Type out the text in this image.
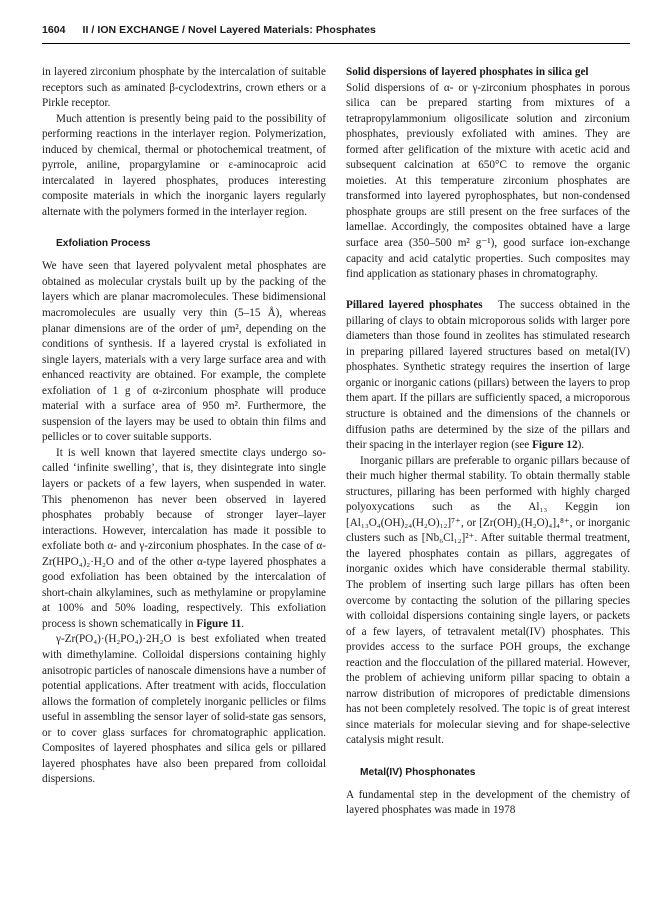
1604 II / ION EXCHANGE / Novel Layered Materials: Phosphates

in layered zirconium phosphate by the intercalation of suitable receptors such as aminated β-cyclodextrins, crown ethers or a Pirkle receptor.

Much attention is presently being paid to the possibility of performing reactions in the interlayer region. Polymerization, induced by chemical, thermal or photochemical treatment, of pyrrole, aniline, propargylamine or ε-aminocaproic acid intercalated in layered phosphates, produces interesting composite materials in which the inorganic layers regularly alternate with the polymers formed in the interlayer region.

Exfoliation Process

We have seen that layered polyvalent metal phosphates are obtained as molecular crystals built up by the packing of the layers which are planar macromolecules. These bidimensional macromolecules are usually very thin (5–15 Å), whereas planar dimensions are of the order of μm², depending on the conditions of synthesis. If a layered crystal is exfoliated in single layers, materials with a very large surface area and with enhanced reactivity are obtained. For example, the complete exfoliation of 1 g of α-zirconium phosphate will produce material with a surface area of 950 m². Furthermore, the suspension of the layers may be used to obtain thin films and pellicles or to cover suitable supports.

It is well known that layered smectite clays undergo so-called ‘infinite swelling’, that is, they disintegrate into single layers or packets of a few layers, when suspended in water. This phenomenon has never been observed in layered phosphates probably because of stronger layer–layer interactions. However, intercalation has made it possible to exfoliate both α- and γ-zirconium phosphates. In the case of α-Zr(HPO₄)₂·H₂O and of the other α-type layered phosphates a good exfoliation has been obtained by the intercalation of short-chain alkylamines, such as methylamine or propylamine at 100% and 50% loading, respectively. This exfoliation process is shown schematically in Figure 11.

γ-Zr(PO₄)·(H₂PO₄)·2H₂O is best exfoliated when treated with dimethylamine. Colloidal dispersions containing highly anisotropic particles of nanoscale dimensions have a number of potential applications. After treatment with acids, flocculation allows the formation of completely inorganic pellicles or films useful in assembling the sensor layer of solid-state gas sensors, or to cover glass surfaces for chromatographic application. Composites of layered phosphates and silica gels or pillared layered phosphates have also been prepared from colloidal dispersions.

Solid dispersions of layered phosphates in silica gel

Solid dispersions of α- or γ-zirconium phosphates in porous silica can be prepared starting from mixtures of a tetrapropylammonium oligosilicate solution and zirconium phosphates, previously exfoliated with amines. They are formed after gelification of the mixture with acetic acid and subsequent calcination at 650°C to remove the organic moieties. At this temperature zirconium phosphates are transformed into layered pyrophosphates, but non-condensed phosphate groups are still present on the free surfaces of the lamellae. Accordingly, the composites obtained have a large surface area (350–500 m² g⁻¹), good surface ion-exchange capacity and acid catalytic properties. Such composites may find application as stationary phases in chromatography.

Pillared layered phosphates The success obtained in the pillaring of clays to obtain microporous solids with larger pore diameters than those found in zeolites has stimulated research in preparing pillared layered structures based on metal(IV) phosphates. Synthetic strategy requires the insertion of large organic or inorganic cations (pillars) between the layers to prop them apart. If the pillars are sufficiently spaced, a microporous structure is obtained and the dimensions of the channels or diffusion paths are determined by the size of the pillars and their spacing in the interlayer region (see Figure 12).

Inorganic pillars are preferable to organic pillars because of their much higher thermal stability. To obtain thermally stable structures, pillaring has been performed with highly charged polyoxycations such as the Al₁₃ Keggin ion [Al₁₃O₄(OH)₂₄(H₂O)₁₂]⁷⁺, or [Zr(OH)₂(H₂O)₄]₄⁸⁺, or inorganic clusters such as [Nb₆Cl₁₂]²⁺. After suitable thermal treatment, the layered phosphates contain as pillars, aggregates of inorganic oxides which have considerable thermal stability. The problem of inserting such large pillars has often been overcome by contacting the solution of the pillaring species with colloidal dispersions containing single layers, or packets of a few layers, of tetravalent metal(IV) phosphates. This provides access to the surface POH groups, the exchange reaction and the flocculation of the pillared material. However, the problem of achieving uniform pillar spacing to obtain a narrow distribution of micropores of predictable dimensions has not been completely resolved. The topic is of great interest since materials for molecular sieving and for shape-selective catalysis might result.

Metal(IV) Phosphonates

A fundamental step in the development of the chemistry of layered phosphates was made in 1978
